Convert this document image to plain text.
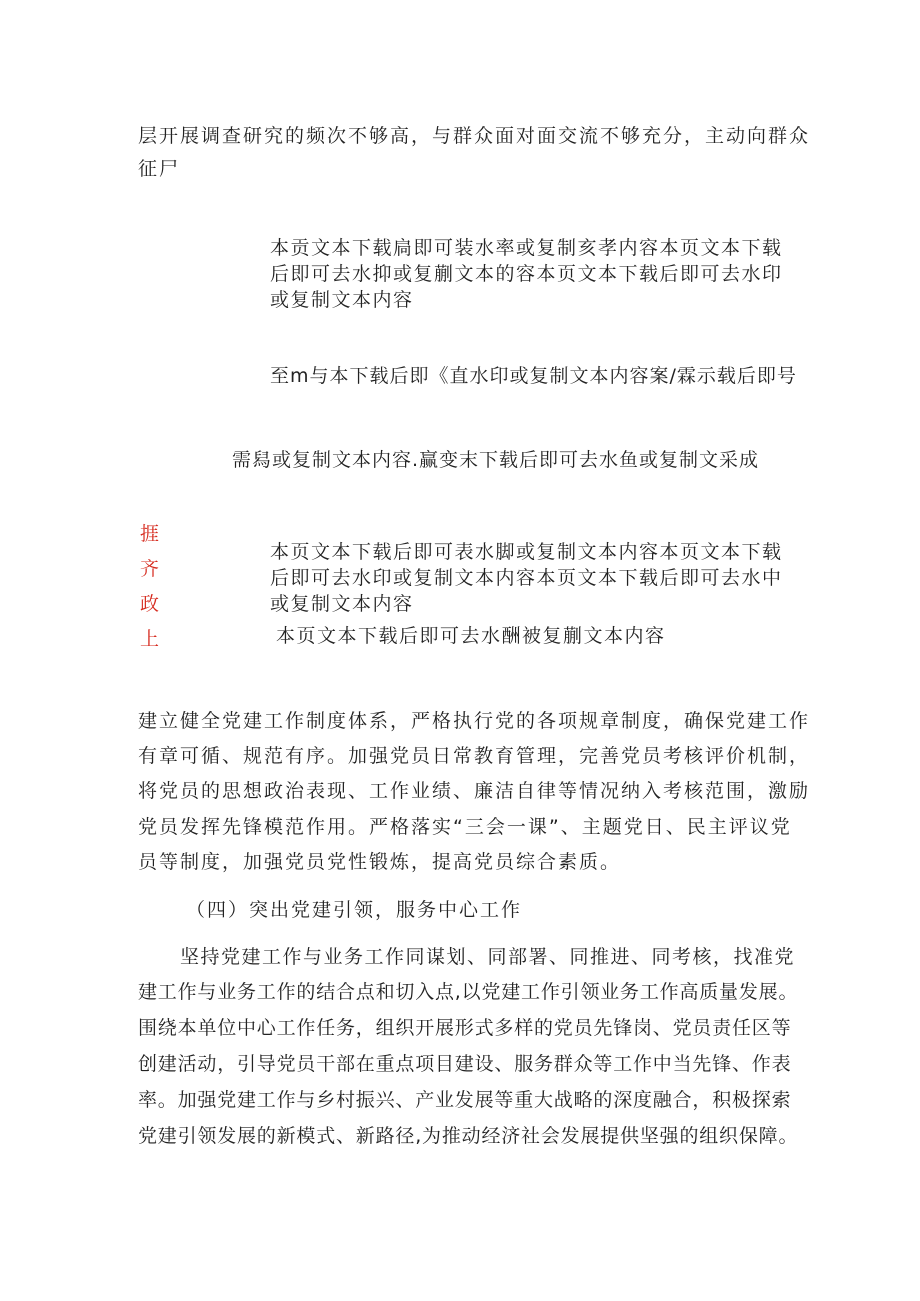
层开展调查研究的频次不够高，与群众面对面交流不够充分，主动向群众
征尸
本贡文本下载扃即可装水率或复制亥孝内容本页文本下载
后即可去水抑或复蒯文本的容本页文本下载后即可去水印
或复制文本内容
至m与本下载后即《直水印或复制文本内容案/霖示载后即号
需舄或复制文本内容.赢变末下载后即可去水鱼或复制文采成
捱
齐
政
上
本页文本下载后即可表水脚或复制文本内容本页文本下载
后即可去水印或复制文本内容本页文本下载后即可去水中
或复制文本内容
本页文本下载后即可去水酬被复蒯文本内容
建立健全党建工作制度体系，严格执行党的各项规章制度，确保党建工作
有章可循、规范有序。加强党员日常教育管理，完善党员考核评价机制，
将党员的思想政治表现、工作业绩、廉洁自律等情况纳入考核范围，激励
党员发挥先锋模范作用。严格落实“三会一课”、主题党日、民主评议党
员等制度，加强党员党性锻炼，提高党员综合素质。
（四）突出党建引领，服务中心工作
坚持党建工作与业务工作同谋划、同部署、同推进、同考核，找准党
建工作与业务工作的结合点和切入点,以党建工作引领业务工作高质量发展。
围绕本单位中心工作任务，组织开展形式多样的党员先锋岗、党员责任区等
创建活动，引导党员干部在重点项目建设、服务群众等工作中当先锋、作表
率。加强党建工作与乡村振兴、产业发展等重大战略的深度融合，积极探索
党建引领发展的新模式、新路径,为推动经济社会发展提供坚强的组织保障。
